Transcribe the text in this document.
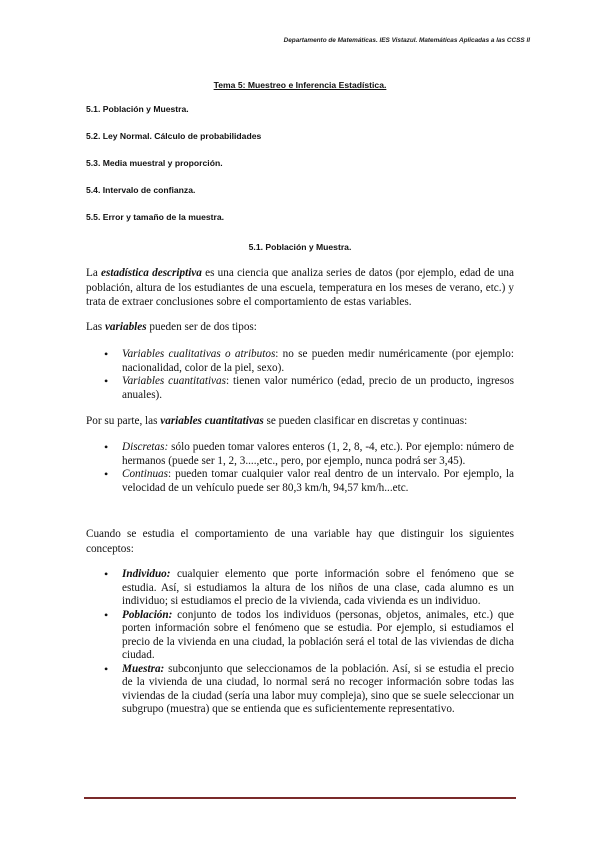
Departamento de Matemáticas. IES Vistazul. Matemáticas Aplicadas a las CCSS II
Tema 5: Muestreo e Inferencia Estadística.
5.1. Población y Muestra.
5.2. Ley Normal. Cálculo de probabilidades
5.3. Media muestral y proporción.
5.4. Intervalo de confianza.
5.5. Error y tamaño de la muestra.
5.1. Población y Muestra.

La estadística descriptiva es una ciencia que analiza series de datos (por ejemplo, edad de una población, altura de los estudiantes de una escuela, temperatura en los meses de verano, etc.) y trata de extraer conclusiones sobre el comportamiento de estas variables.

Las variables pueden ser de dos tipos:

• Variables cualitativas o atributos: no se pueden medir numéricamente (por ejemplo: nacionalidad, color de la piel, sexo).
• Variables cuantitativas: tienen valor numérico (edad, precio de un producto, ingresos anuales).

Por su parte, las variables cuantitativas se pueden clasificar en discretas y continuas:

• Discretas: sólo pueden tomar valores enteros (1, 2, 8, -4, etc.). Por ejemplo: número de hermanos (puede ser 1, 2, 3....,etc., pero, por ejemplo, nunca podrá ser 3,45).
• Continuas: pueden tomar cualquier valor real dentro de un intervalo. Por ejemplo, la velocidad de un vehículo puede ser 80,3 km/h, 94,57 km/h...etc.

Cuando se estudia el comportamiento de una variable hay que distinguir los siguientes conceptos:

• Individuo: cualquier elemento que porte información sobre el fenómeno que se estudia. Así, si estudiamos la altura de los niños de una clase, cada alumno es un individuo; si estudiamos el precio de la vivienda, cada vivienda es un individuo.
• Población: conjunto de todos los individuos (personas, objetos, animales, etc.) que porten información sobre el fenómeno que se estudia. Por ejemplo, si estudiamos el precio de la vivienda en una ciudad, la población será el total de las viviendas de dicha ciudad.
• Muestra: subconjunto que seleccionamos de la población. Así, si se estudia el precio de la vivienda de una ciudad, lo normal será no recoger información sobre todas las viviendas de la ciudad (sería una labor muy compleja), sino que se suele seleccionar un subgrupo (muestra) que se entienda que es suficientemente representativo.
